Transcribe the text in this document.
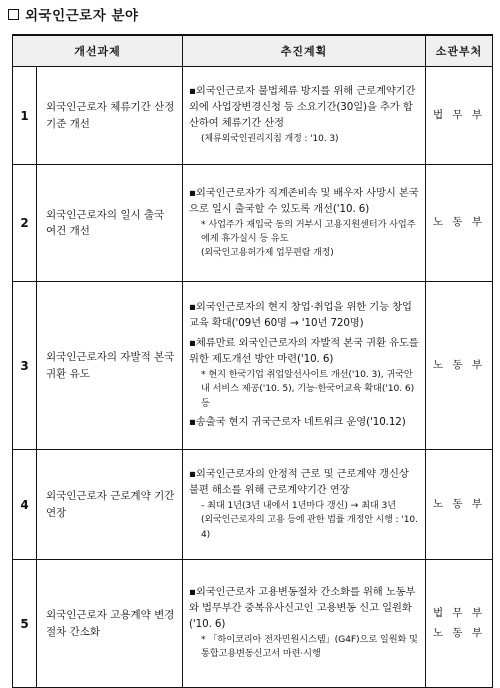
외국인근로자 분야
개선과제		추진계획	소관부처
1	외국인근로자 체류기간 산정기준 개선	▪외국인근로자 불법체류 방지를 위해 근로계약기간 외에 사업장변경신청 등 소요기간(30일)을 추가 합산하여 체류기간 산정
(체류외국인권리지침 개정 : '10. 3)	법 무 부
2	외국인근로자의 일시 출국 여건 개선	▪외국인근로자가 직계존비속 및 배우자 사망시 본국으로 일시 출국할 수 있도록 개선('10. 6)
* 사업주가 재입국 동의 거부시 고용지원센터가 사업주에게 휴가실시 등 유도
(외국인고용허가제 업무편람 개정)	노 동 부
3	외국인근로자의 자발적 본국 귀환 유도	▪외국인근로자의 현지 창업·취업을 위한 기능 창업교육 확대('09년 60명 → '10년 720명)
▪체류만료 외국인근로자의 자발적 본국 귀환 유도를 위한 제도개선 방안 마련('10. 6)
* 현지 한국기업 취업알선사이트 개선('10. 3), 귀국안내 서비스 제공('10. 5), 기능·한국어교육 확대('10. 6) 등
▪송출국 현지 귀국근로자 네트워크 운영('10.12)	노 동 부
4	외국인근로자 근로계약 기간 연장	▪외국인근로자의 안정적 근로 및 근로계약 갱신상 불편 해소를 위해 근로계약기간 연장
- 최대 1년(3년 내에서 1년마다 갱신) → 최대 3년
(외국인근로자의 고용 등에 관한 법률 개정안 시행 : '10. 4)	노 동 부
5	외국인근로자 고용계약 변경절차 간소화	▪외국인근로자 고용변동절차 간소화를 위해 노동부와 법무부간 중복유사신고인 고용변동 신고 일원화('10. 6)
* 「하이코리아 전자민원시스템」(G4F)으로 일원화 및 통합고용변동신고서 마련·시행	법 무 부
노 동 부
